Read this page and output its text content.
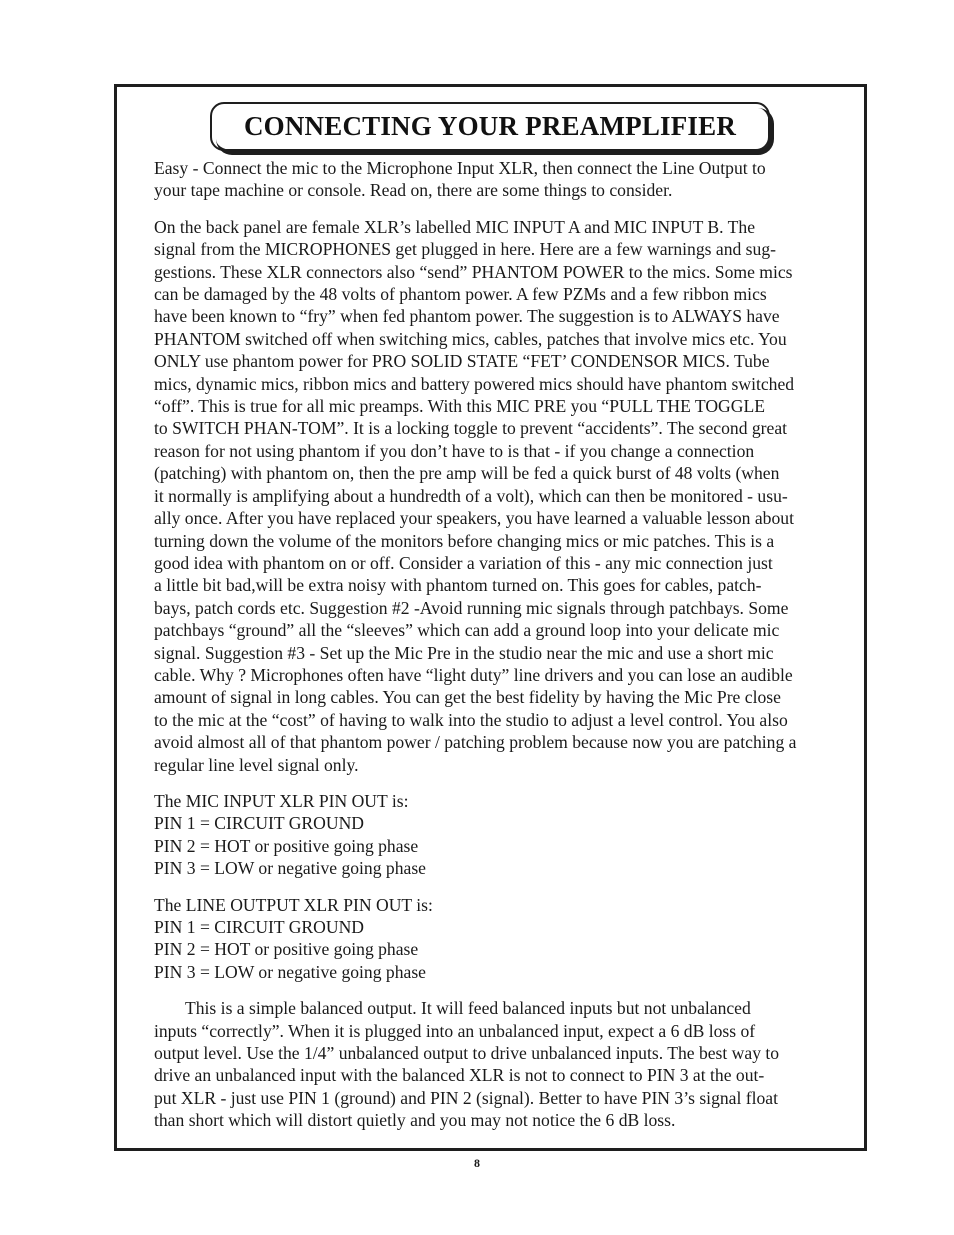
CONNECTING YOUR PREAMPLIFIER

Easy - Connect the mic to the Microphone Input XLR, then connect the Line Output to
your tape machine or console. Read on, there are some things to consider.

On the back panel are female XLR’s labelled MIC INPUT A and MIC INPUT B. The
signal from the MICROPHONES get plugged in here. Here are a few warnings and sug-
gestions. These XLR connectors also “send” PHANTOM POWER to the mics. Some mics
can be damaged by the 48 volts of phantom power. A few PZMs and a few ribbon mics
have been known to “fry” when fed phantom power. The suggestion is to ALWAYS have
PHANTOM switched off when switching mics, cables, patches that involve mics etc. You
ONLY use phantom power for PRO SOLID STATE “FET’ CONDENSOR MICS. Tube
mics, dynamic mics, ribbon mics and battery powered mics should have phantom switched
“off”. This is true for all mic preamps. With this MIC PRE you “PULL THE TOGGLE
to SWITCH PHAN-TOM”. It is a locking toggle to prevent “accidents”. The second great
reason for not using phantom if you don’t have to is that - if you change a connection
(patching) with phantom on, then the pre amp will be fed a quick burst of 48 volts (when
it normally is amplifying about a hundredth of a volt), which can then be monitored - usu-
ally once. After you have replaced your speakers, you have learned a valuable lesson about
turning down the volume of the monitors before changing mics or mic patches. This is a
good idea with phantom on or off. Consider a variation of this - any mic connection just
a little bit bad,will be extra noisy with phantom turned on. This goes for cables, patch-
bays, patch cords etc. Suggestion #2 -Avoid running mic signals through patchbays. Some
patchbays “ground” all the “sleeves” which can add a ground loop into your delicate mic
signal. Suggestion #3 - Set up the Mic Pre in the studio near the mic and use a short mic
cable. Why ? Microphones often have “light duty” line drivers and you can lose an audible
amount of signal in long cables. You can get the best fidelity by having the Mic Pre close
to the mic at the “cost” of having to walk into the studio to adjust a level control. You also
avoid almost all of that phantom power / patching problem because now you are patching a
regular line level signal only.

The MIC INPUT XLR PIN OUT is:
PIN 1 = CIRCUIT GROUND
PIN 2 = HOT or positive going phase
PIN 3 = LOW or negative going phase

The LINE OUTPUT XLR PIN OUT is:
PIN 1 = CIRCUIT GROUND
PIN 2 = HOT or positive going phase
PIN 3 = LOW or negative going phase

This is a simple balanced output. It will feed balanced inputs but not unbalanced
inputs “correctly”. When it is plugged into an unbalanced input, expect a 6 dB loss of
output level. Use the 1/4” unbalanced output to drive unbalanced inputs. The best way to
drive an unbalanced input with the balanced XLR is not to connect to PIN 3 at the out-
put XLR - just use PIN 1 (ground) and PIN 2 (signal). Better to have PIN 3’s signal float
than short which will distort quietly and you may not notice the 6 dB loss.

8
